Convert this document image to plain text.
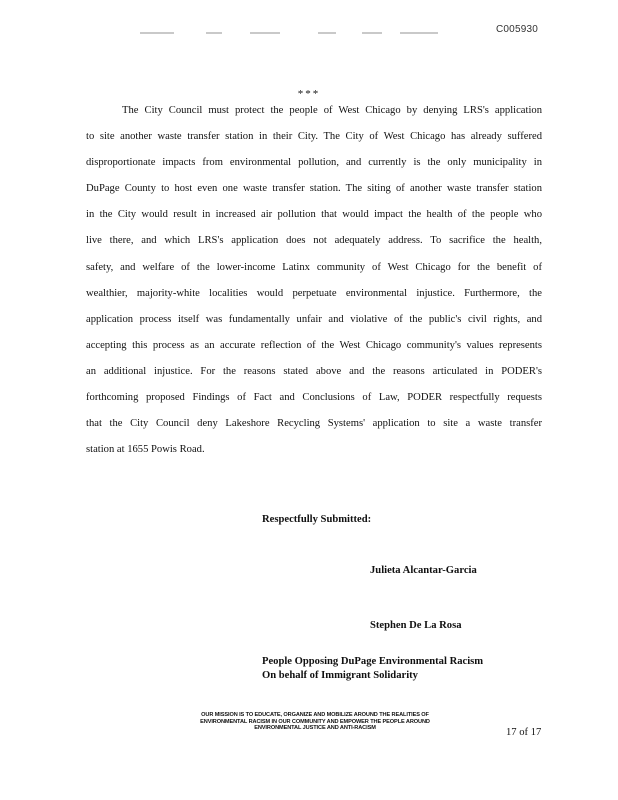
C005930
***
The City Council must protect the people of West Chicago by denying LRS's application
to site another waste transfer station in their City. The City of West Chicago has already suffered
disproportionate impacts from environmental pollution, and currently is the only municipality in
DuPage County to host even one waste transfer station. The siting of another waste transfer station
in the City would result in increased air pollution that would impact the health of the people who
live there, and which LRS's application does not adequately address. To sacrifice the health,
safety, and welfare of the lower-income Latinx community of West Chicago for the benefit of
wealthier, majority-white localities would perpetuate environmental injustice. Furthermore, the
application process itself was fundamentally unfair and violative of the public's civil rights, and
accepting this process as an accurate reflection of the West Chicago community's values represents
an additional injustice. For the reasons stated above and the reasons articulated in PODER's
forthcoming proposed Findings of Fact and Conclusions of Law, PODER respectfully requests
that the City Council deny Lakeshore Recycling Systems' application to site a waste transfer
station at 1655 Powis Road.
Respectfully Submitted:
Julieta Alcantar-Garcia
Stephen De La Rosa
People Opposing DuPage Environmental Racism
On behalf of Immigrant Solidarity
OUR MISSION IS TO EDUCATE, ORGANIZE AND MOBILIZE AROUND THE REALITIES OF
ENVIRONMENTAL RACISM IN OUR COMMUNITY AND EMPOWER THE PEOPLE AROUND
ENVIRONMENTAL JUSTICE AND ANTI-RACISM	17 of 17
